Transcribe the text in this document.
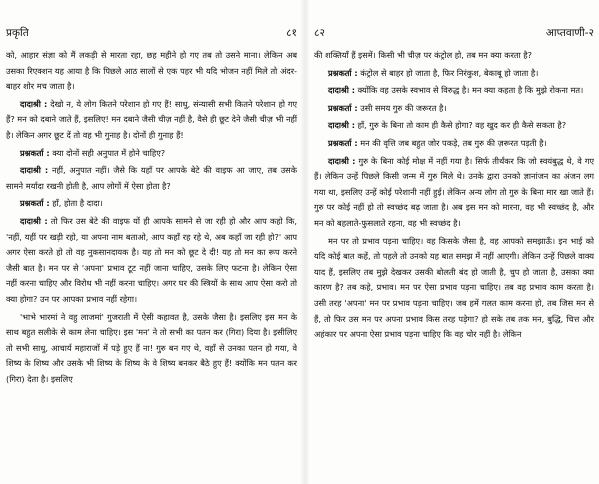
प्रकृति	८१

को, आहार संज्ञा को मैं लकड़ी से मारता रहा, छह महीने हो गए तब तो उसने माना। लेकिन अब उसका रिएक्शन यह आया है कि पिछले आठ सालों से एक पहर भी यदि भोजन नहीं मिले तो अंदर-बाहर शोर मच जाता है।

दादाश्री : देखो न, ये लोग कितने परेशान हो गए हैं! साधु, संन्यासी सभी कितने परेशान हो गए हैं? मन को दबाने जाते हैं, इसलिए! मन दबाने जैसी चीज़ नहीं है, वैसे ही छूट देने जैसी चीज़ भी नहीं है। लेकिन अगर छूट दें तो वह भी गुनाह है। दोनों ही गुनाह हैं!

प्रश्नकर्ता : क्या दोनों सही अनुपात में होने चाहिए?

दादाश्री : नहीं, अनुपात नहीं। जैसे कि यहाँ पर आपके बेटे की वाइफ आ जाए, तब उसके सामने मर्यादा रखनी होती है, आप लोगों में ऐसा होता है?

प्रश्नकर्ता : हाँ, होता है दादा।

दादाश्री : तो फिर उस बेटे की वाइफ यों ही आपके सामने से जा रही हो और आप कहो कि, 'नहीं, यहीं पर खड़ी रहो, या अपना नाम बताओ, आप कहाँ रह रहे थे, अब कहाँ जा रही हो?' आप अगर ऐसा करते हो तो वह नुकसानदायक है। यह तो मन को छूट दे दी! यह तो मन का रूप करने जैसी बात है। मन पर से 'अपना' प्रभाव टूट नहीं जाना चाहिए, उसके लिए फटना है। लेकिन ऐसा नहीं करना चाहिए और विरोध भी नहीं करना चाहिए। अगर घर की स्त्रियों के साथ आप ऐसा करो तो क्या होगा? उन पर आपका प्रभाव नहीं रहेगा।

'भाभे भारमां ने वहु लाजमां' गुजराती में ऐसी कहावत है, उसके जैसा है। इसलिए इस मन के साथ बहुत सलीके से काम लेना चाहिए। इस 'मन' ने तो सभी का पतन कर (गिरा) दिया है। इसीलिए तो सभी साधु, आचार्य महाराजों में पड़े हुए हैं ना! गुरु बन गए थे, वहाँ से उनका पतन हो गया, वे शिष्य के शिष्य और उसके भी शिष्य के शिष्य के वे शिष्य बनकर बैठे हुए हैं! क्योंकि मन पतन कर (गिरा) देता है। इसलिए

८२	आप्तवाणी-२

की शक्तियाँ हैं इसमें। किसी भी चीज़ पर कंट्रोल हो, तब मन क्या करता है?

प्रश्नकर्ता : कंट्रोल से बाहर हो जाता है, फिर निरंकुश, बेकाबू हो जाता है।

दादाश्री : क्योंकि वह उसके स्वभाव से विरुद्ध है। मन क्या कहता है कि मुझे रोकना मत।

प्रश्नकर्ता : उसी समय गुरु की जरूरत है।

दादाश्री : हाँ, गुरु के बिना तो काम ही कैसे होगा? वह खुद कर ही कैसे सकता है?

प्रश्नकर्ता : मन की वृत्ति जब बहुत जोर पकड़े, तब गुरु की ज़रूरत पड़ती है।

दादाश्री : गुरु के बिना कोई मोक्ष में नहीं गया है। सिर्फ तीर्थंकर कि जो स्वयंबुद्ध थे, वे गए हैं। लेकिन उन्हें पिछले किसी जन्म में गुरु मिले थे। उनके द्वारा उनको ज्ञानांजन का अंजन लग गया था, इसलिए उन्हें कोई परेशानी नहीं हुई। लेकिन अन्य लोग तो गुरु के बिना मार खा जाते हैं। गुरु पर कोई नहीं हो तो स्वच्छंद बढ़ जाता है। अब इस मन को मारना, वह भी स्वच्छंद है, और मन को बहलाते-फुसलाते रहना, वह भी स्वच्छंद है।

मन पर तो प्रभाव पड़ना चाहिए। वह किसके जैसा है, वह आपको समझाऊँ। इन भाई को यदि कोई बात कहें, तो पहले तो उनको यह बात समझ में नहीं आएगी। लेकिन उन्हें पिछले वाक्य याद हैं, इसलिए तब मुझे देखकर उसकी बोलती बंद हो जाती है, चुप हो जाता है, उसका क्या कारण है? तब कहे, प्रभाव। मन पर ऐसा प्रभाव पड़ना चाहिए। तब वह प्रभाव काम करता है। उसी तरह 'अपना' मन पर प्रभाव पड़ना चाहिए। जब हमें गलत काम करना हो, तब जिस मन से हैं, तो फिर उस मन पर अपना प्रभाव किस तरह पड़ेगा? हो सके तब तक मन, बुद्धि, चित्त और अहंकार पर अपना ऐसा प्रभाव पड़ना चाहिए कि वह चोर नहीं है। लेकिन
